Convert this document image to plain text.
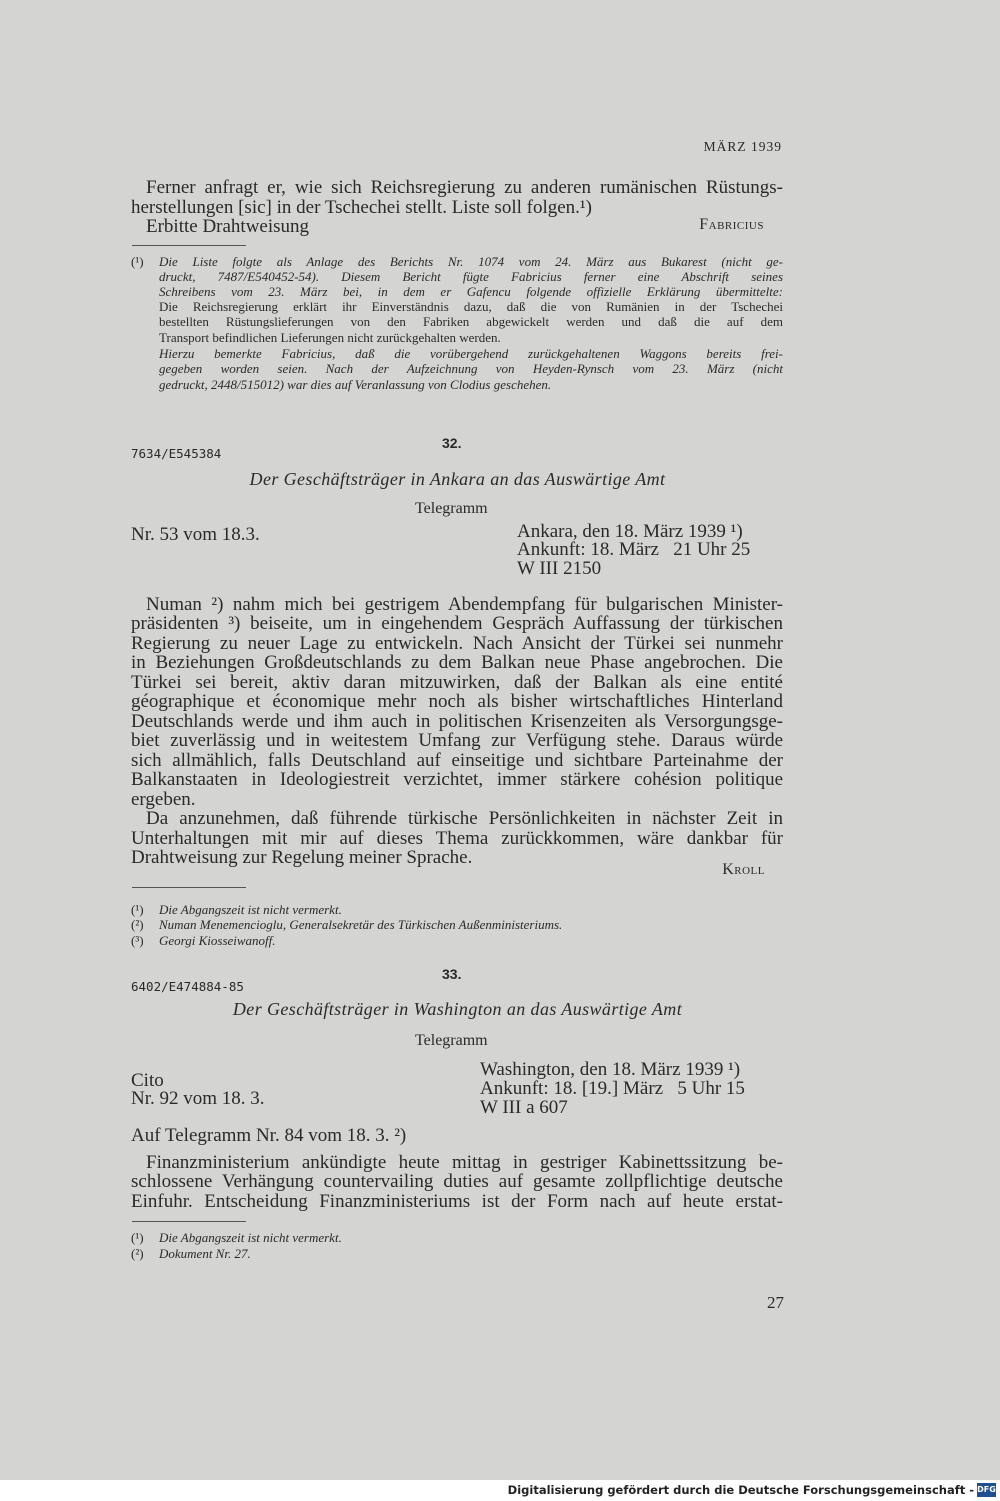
MÄRZ 1939
Ferner anfragt er, wie sich Reichsregierung zu anderen rumänischen Rüstungs-
herstellungen [sic] in der Tschechei stellt. Liste soll folgen.¹)
Erbitte Drahtweisung	Fabricius
(¹) Die Liste folgte als Anlage des Berichts Nr. 1074 vom 24. März aus Bukarest (nicht ge-
druckt, 7487/E540452-54). Diesem Bericht fügte Fabricius ferner eine Abschrift seines
Schreibens vom 23. März bei, in dem er Gafencu folgende offizielle Erklärung übermittelte:
Die Reichsregierung erklärt ihr Einverständnis dazu, daß die von Rumänien in der Tschechei
bestellten Rüstungslieferungen von den Fabriken abgewickelt werden und daß die auf dem
Transport befindlichen Lieferungen nicht zurückgehalten werden.
Hierzu bemerkte Fabricius, daß die vorübergehend zurückgehaltenen Waggons bereits frei-
gegeben worden seien. Nach der Aufzeichnung von Heyden-Rynsch vom 23. März (nicht
gedruckt, 2448/515012) war dies auf Veranlassung von Clodius geschehen.
7634/E545384
32.
Der Geschäftsträger in Ankara an das Auswärtige Amt
Telegramm
Nr. 53 vom 18.3.	Ankara, den 18. März 1939 ¹)
Ankunft: 18. März   21 Uhr 25
W III 2150
Numan ²) nahm mich bei gestrigem Abendempfang für bulgarischen Minister-
präsidenten ³) beiseite, um in eingehendem Gespräch Auffassung der türkischen
Regierung zu neuer Lage zu entwickeln. Nach Ansicht der Türkei sei nunmehr
in Beziehungen Großdeutschlands zu dem Balkan neue Phase angebrochen. Die
Türkei sei bereit, aktiv daran mitzuwirken, daß der Balkan als eine entité
géographique et économique mehr noch als bisher wirtschaftliches Hinterland
Deutschlands werde und ihm auch in politischen Krisenzeiten als Versorgungsge-
biet zuverlässig und in weitestem Umfang zur Verfügung stehe. Daraus würde
sich allmählich, falls Deutschland auf einseitige und sichtbare Parteinahme der
Balkanstaaten in Ideologiestreit verzichtet, immer stärkere cohésion politique
ergeben.
Da anzunehmen, daß führende türkische Persönlichkeiten in nächster Zeit in
Unterhaltungen mit mir auf dieses Thema zurückkommen, wäre dankbar für
Drahtweisung zur Regelung meiner Sprache.
Kroll
(¹) Die Abgangszeit ist nicht vermerkt.
(²) Numan Menemencioglu, Generalsekretär des Türkischen Außenministeriums.
(³) Georgi Kiosseiwanoff.
6402/E474884-85
33.
Der Geschäftsträger in Washington an das Auswärtige Amt
Telegramm
Cito
Nr. 92 vom 18. 3.
Washington, den 18. März 1939 ¹)
Ankunft: 18. [19.] März   5 Uhr 15
W III a 607
Auf Telegramm Nr. 84 vom 18. 3. ²)
Finanzministerium ankündigte heute mittag in gestriger Kabinettssitzung be-
schlossene Verhängung countervailing duties auf gesamte zollpflichtige deutsche
Einfuhr. Entscheidung Finanzministeriums ist der Form nach auf heute erstat-
(¹) Die Abgangszeit ist nicht vermerkt.
(²) Dokument Nr. 27.
27
Digitalisierung gefördert durch die Deutsche Forschungsgemeinschaft - DFG
